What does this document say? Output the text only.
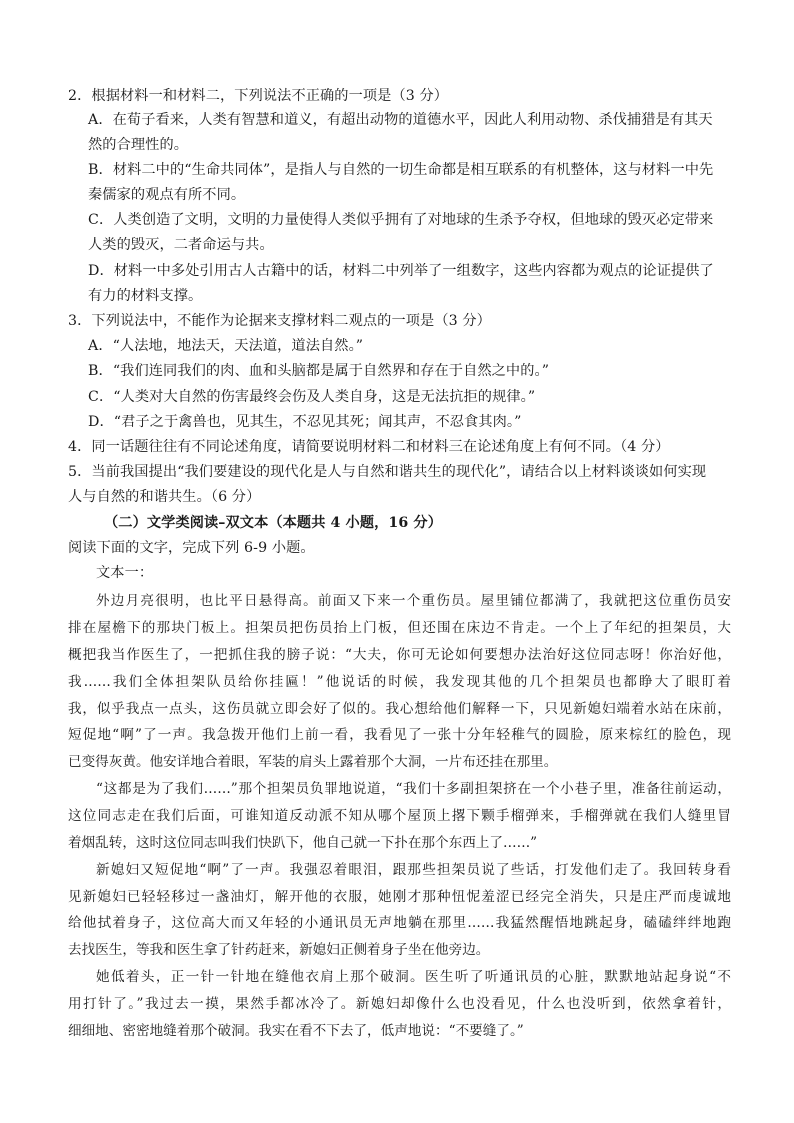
2．根据材料一和材料二，下列说法不正确的一项是（3 分）
A．在荀子看来，人类有智慧和道义，有超出动物的道德水平，因此人利用动物、杀伐捕猎是有其天
然的合理性的。
B．材料二中的“生命共同体”，是指人与自然的一切生命都是相互联系的有机整体，这与材料一中先
秦儒家的观点有所不同。
C．人类创造了文明，文明的力量使得人类似乎拥有了对地球的生杀予夺权，但地球的毁灭必定带来
人类的毁灭，二者命运与共。
D．材料一中多处引用古人古籍中的话，材料二中列举了一组数字，这些内容都为观点的论证提供了
有力的材料支撑。
3．下列说法中，不能作为论据来支撑材料二观点的一项是（3 分）
A．“人法地，地法天，天法道，道法自然。”
B．“我们连同我们的肉、血和头脑都是属于自然界和存在于自然之中的。”
C．“人类对大自然的伤害最终会伤及人类自身，这是无法抗拒的规律。”
D．“君子之于禽兽也，见其生，不忍见其死；闻其声，不忍食其肉。”
4．同一话题往往有不同论述角度，请简要说明材料二和材料三在论述角度上有何不同。（4 分）
5．当前我国提出“我们要建设的现代化是人与自然和谐共生的现代化”，请结合以上材料谈谈如何实现
人与自然的和谐共生。（6 分）
（二）文学类阅读–双文本（本题共 4 小题，16 分）
阅读下面的文字，完成下列 6-9 小题。
文本一：
外边月亮很明，也比平日悬得高。前面又下来一个重伤员。屋里铺位都满了，我就把这位重伤员安
排在屋檐下的那块门板上。担架员把伤员抬上门板，但还围在床边不肯走。一个上了年纪的担架员，大
概把我当作医生了，一把抓住我的膀子说：“大夫，你可无论如何要想办法治好这位同志呀！你治好他，
我……我们全体担架队员给你挂匾！”他说话的时候，我发现其他的几个担架员也都睁大了眼盯着
我，似乎我点一点头，这伤员就立即会好了似的。我心想给他们解释一下，只见新媳妇端着水站在床前，
短促地“啊”了一声。我急拨开他们上前一看，我看见了一张十分年轻稚气的圆脸，原来棕红的脸色，现
已变得灰黄。他安详地合着眼，军装的肩头上露着那个大洞，一片布还挂在那里。
“这都是为了我们……”那个担架员负罪地说道，“我们十多副担架挤在一个小巷子里，准备往前运动，
这位同志走在我们后面，可谁知道反动派不知从哪个屋顶上撂下颗手榴弹来，手榴弹就在我们人缝里冒
着烟乱转，这时这位同志叫我们快趴下，他自己就一下扑在那个东西上了……”
新媳妇又短促地“啊”了一声。我强忍着眼泪，跟那些担架员说了些话，打发他们走了。我回转身看
见新媳妇已轻轻移过一盏油灯，解开他的衣服，她刚才那种忸怩羞涩已经完全消失，只是庄严而虔诚地
给他拭着身子，这位高大而又年轻的小通讯员无声地躺在那里……我猛然醒悟地跳起身，磕磕绊绊地跑
去找医生，等我和医生拿了针药赶来，新媳妇正侧着身子坐在他旁边。
她低着头，正一针一针地在缝他衣肩上那个破洞。医生听了听通讯员的心脏，默默地站起身说“不
用打针了。”我过去一摸，果然手都冰冷了。新媳妇却像什么也没看见，什么也没听到，依然拿着针，
细细地、密密地缝着那个破洞。我实在看不下去了，低声地说：“不要缝了。”
